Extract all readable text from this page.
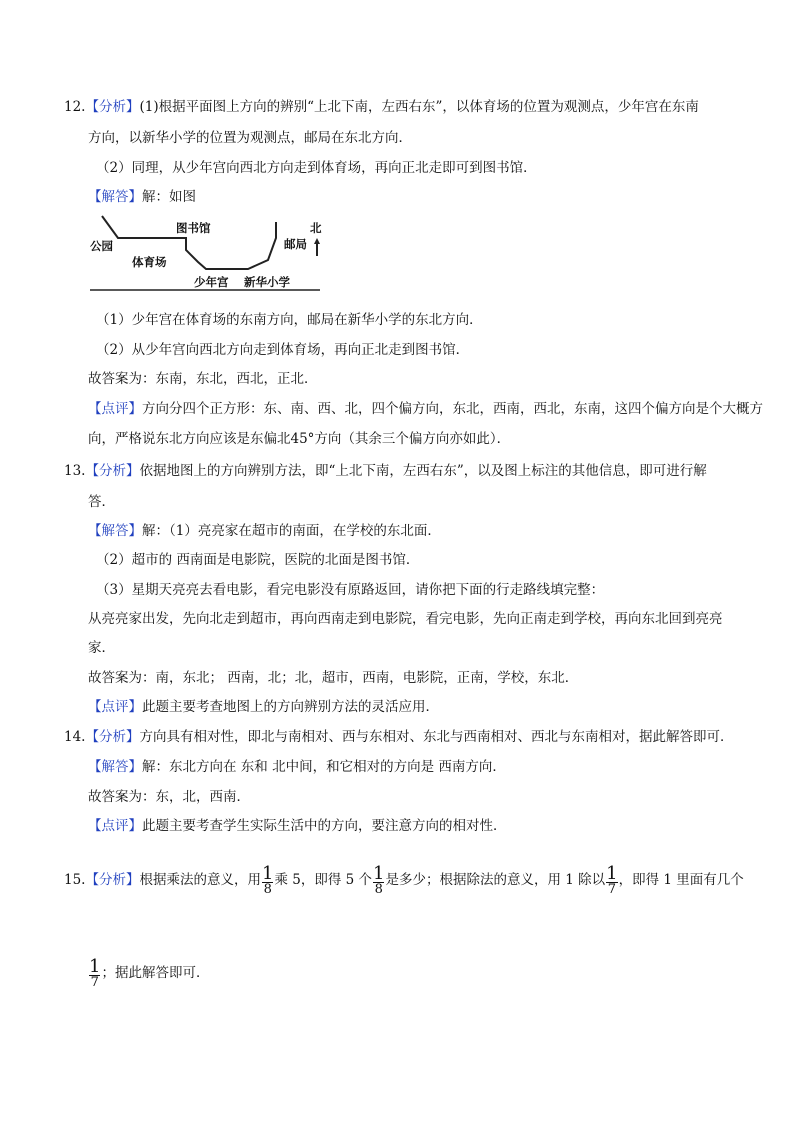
12.【分析】(1)根据平面图上方向的辨别“上北下南，左西右东”，以体育场的位置为观测点，少年宫在东南
方向，以新华小学的位置为观测点，邮局在东北方向．
（2）同理，从少年宫向西北方向走到体育场，再向正北走即可到图书馆．
【解答】解：如图
公园
图书馆
体育场
少年宫 新华小学
邮局
北
（1）少年宫在体育场的东南方向，邮局在新华小学的东北方向．
（2）从少年宫向西北方向走到体育场，再向正北走到图书馆．
故答案为：东南，东北，西北，正北．
【点评】方向分四个正方形：东、南、西、北，四个偏方向，东北，西南，西北，东南，这四个偏方向是个大概方
向，严格说东北方向应该是东偏北45°方向（其余三个偏方向亦如此）．
13.【分析】依据地图上的方向辨别方法，即“上北下南，左西右东”，以及图上标注的其他信息，即可进行解
答．
【解答】解：（1）亮亮家在超市的南面，在学校的东北面．
（2）超市的 西南面是电影院，医院的北面是图书馆．
（3）星期天亮亮去看电影，看完电影没有原路返回，请你把下面的行走路线填完整：
从亮亮家出发，先向北走到超市，再向西南走到电影院，看完电影，先向正南走到学校，再向东北回到亮亮
家．
故答案为：南，东北； 西南，北；北，超市，西南，电影院，正南，学校，东北．
【点评】此题主要考查地图上的方向辨别方法的灵活应用．
14.【分析】方向具有相对性，即北与南相对、西与东相对、东北与西南相对、西北与东南相对，据此解答即可．
【解答】解：东北方向在 东和 北中间，和它相对的方向是 西南方向．
故答案为：东，北，西南．
【点评】此题主要考查学生实际生活中的方向，要注意方向的相对性．
15.【分析】根据乘法的意义，用 $\frac{1}{8}$ 乘 5，即得 5 个 $\frac{1}{8}$ 是多少；根据除法的意义，用 1 除以 $\frac{1}{7}$ ，即得 1 里面有几个
$\frac{1}{7}$ ；据此解答即可．
